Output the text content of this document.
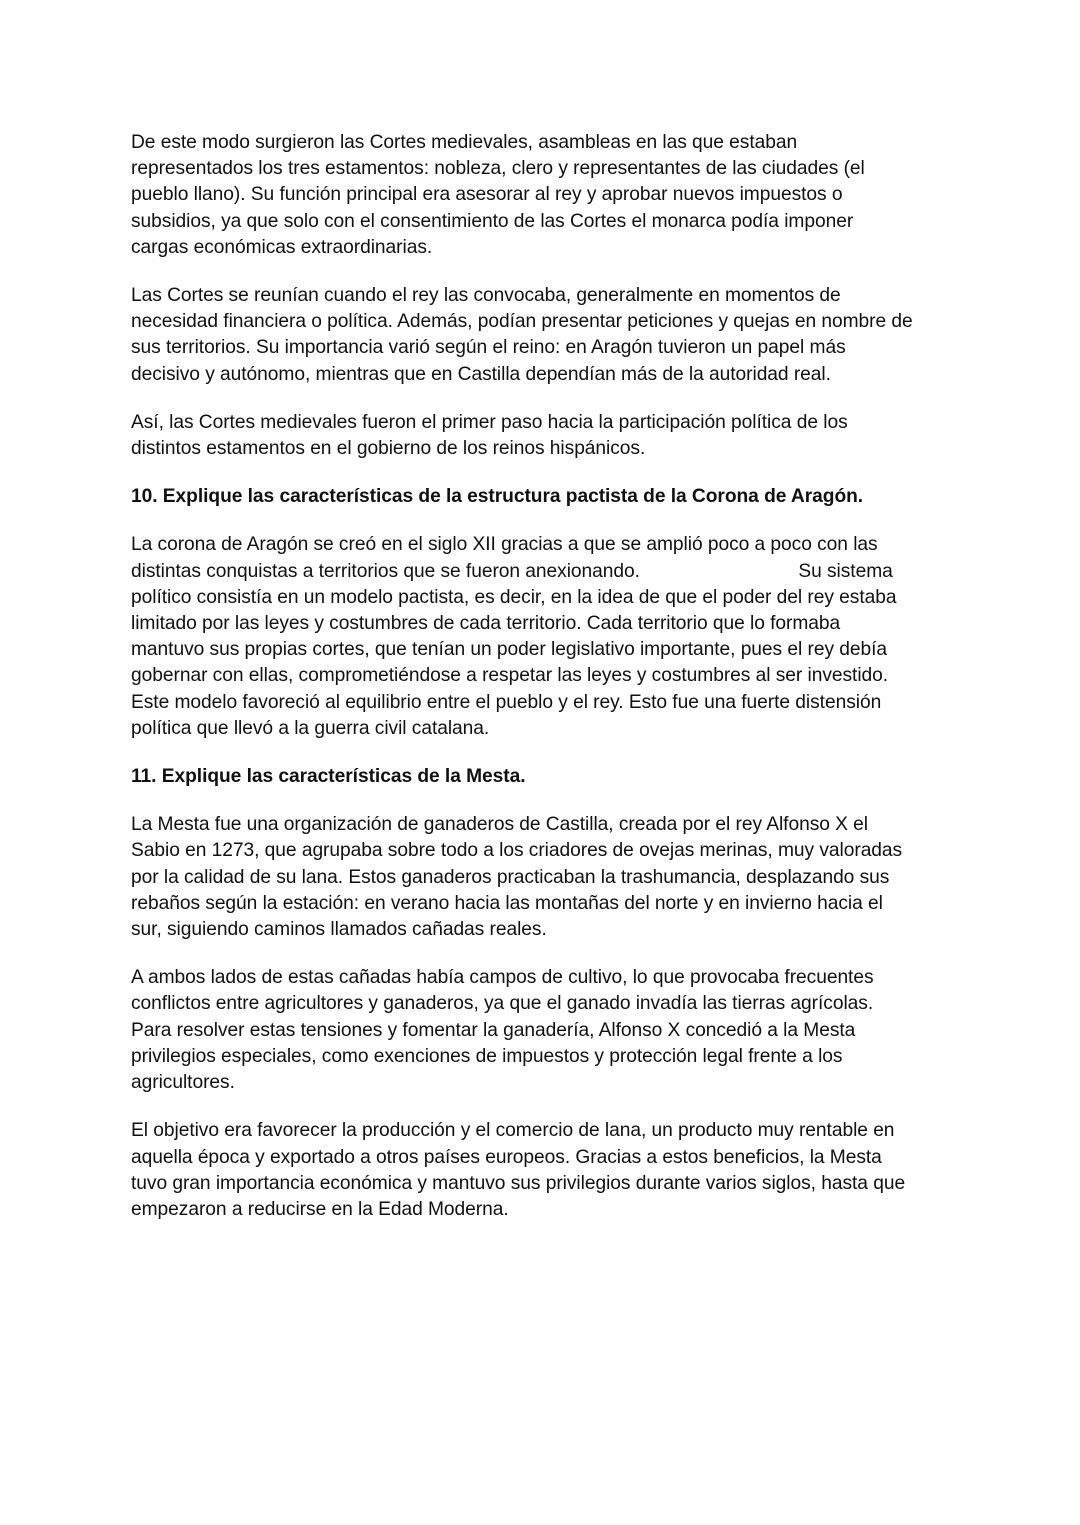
De este modo surgieron las Cortes medievales, asambleas en las que estaban
representados los tres estamentos: nobleza, clero y representantes de las ciudades (el
pueblo llano). Su función principal era asesorar al rey y aprobar nuevos impuestos o
subsidios, ya que solo con el consentimiento de las Cortes el monarca podía imponer
cargas económicas extraordinarias.
Las Cortes se reunían cuando el rey las convocaba, generalmente en momentos de
necesidad financiera o política. Además, podían presentar peticiones y quejas en nombre de
sus territorios. Su importancia varió según el reino: en Aragón tuvieron un papel más
decisivo y autónomo, mientras que en Castilla dependían más de la autoridad real.
Así, las Cortes medievales fueron el primer paso hacia la participación política de los
distintos estamentos en el gobierno de los reinos hispánicos.
10. Explique las características de la estructura pactista de la Corona de Aragón.
La corona de Aragón se creó en el siglo XII gracias a que se amplió poco a poco con las
distintas conquistas a territorios que se fueron anexionando.                              Su sistema
político consistía en un modelo pactista, es decir, en la idea de que el poder del rey estaba
limitado por las leyes y costumbres de cada territorio. Cada territorio que lo formaba
mantuvo sus propias cortes, que tenían un poder legislativo importante, pues el rey debía
gobernar con ellas, comprometiéndose a respetar las leyes y costumbres al ser investido.
Este modelo favoreció al equilibrio entre el pueblo y el rey. Esto fue una fuerte distensión
política que llevó a la guerra civil catalana.
11. Explique las características de la Mesta.
La Mesta fue una organización de ganaderos de Castilla, creada por el rey Alfonso X el
Sabio en 1273, que agrupaba sobre todo a los criadores de ovejas merinas, muy valoradas
por la calidad de su lana. Estos ganaderos practicaban la trashumancia, desplazando sus
rebaños según la estación: en verano hacia las montañas del norte y en invierno hacia el
sur, siguiendo caminos llamados cañadas reales.
A ambos lados de estas cañadas había campos de cultivo, lo que provocaba frecuentes
conflictos entre agricultores y ganaderos, ya que el ganado invadía las tierras agrícolas.
Para resolver estas tensiones y fomentar la ganadería, Alfonso X concedió a la Mesta
privilegios especiales, como exenciones de impuestos y protección legal frente a los
agricultores.
El objetivo era favorecer la producción y el comercio de lana, un producto muy rentable en
aquella época y exportado a otros países europeos. Gracias a estos beneficios, la Mesta
tuvo gran importancia económica y mantuvo sus privilegios durante varios siglos, hasta que
empezaron a reducirse en la Edad Moderna.
